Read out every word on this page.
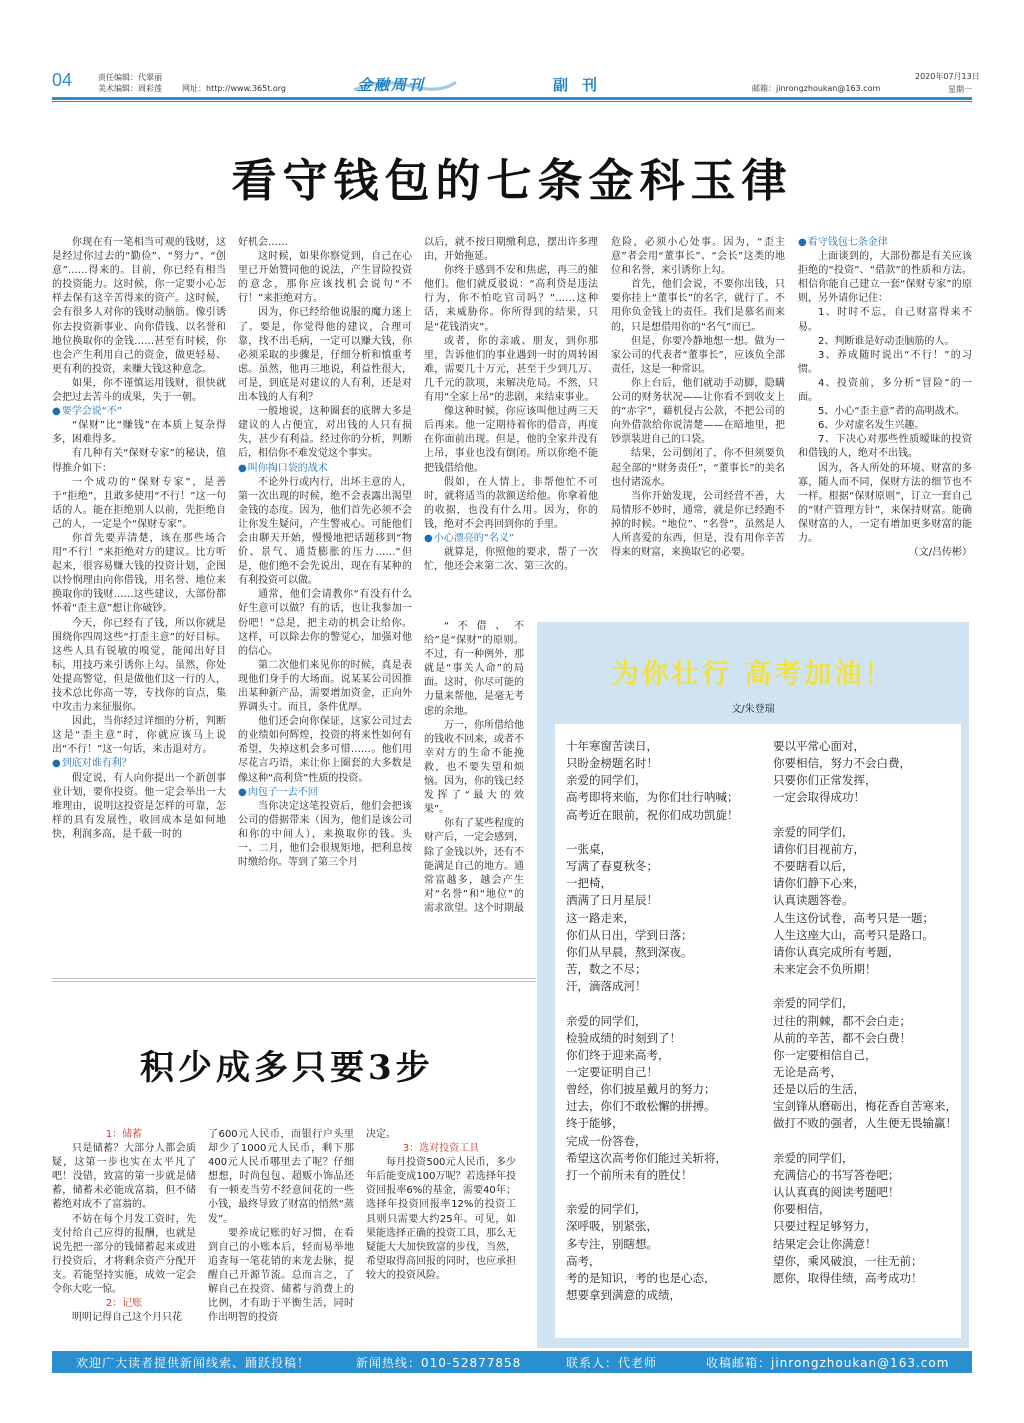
04	责任编辑：代翠丽
美术编辑：周彩莲	网址：http://www.365t.org	金融周刊	副刊	邮箱：jinrongzhoukan@163.com
2020年07月13日
星期一
看守钱包的七条金科玉律

你现在有一笔相当可观的钱财，这是经过你过去的“勤俭”、“努力”、“创意”……得来的。目前，你已经有相当的投资能力。这时候，你一定要小心怎样去保有这辛苦得来的资产。这时候，会有很多人对你的钱财动脑筋。像引诱你去投资新事业、向你借钱、以名誉和地位换取你的金钱……甚至有时候，你也会产生利用自己的资金，做更轻易、更有利的投资，来赚大钱这种意念。

如果，你不谨慎运用钱财，很快就会把过去苦斗的成果，失于一朝。

● 要学会说“不”

“保财”比“赚钱”在本质上复杂得多，困难得多。

有几种有关“保财专家”的秘诀，值得推介如下：

一个成功的“保财专家”，是善于“拒绝”，且敢多使用“不行！”这一句话的人。能在拒绝别人以前，先拒绝自己的人，一定是个“保财专家”。

你首先要弄清楚，该在那些场合用“不行！”来拒绝对方的建议。比方听起来，很容易赚大钱的投资计划，企图以怜悯理由向你借钱，用名誉、地位来换取你的钱财……这些建议，大部份都怀着“歪主意”想让你破钞。

今天，你已经有了钱，所以你就是围绕你四周这些“打歪主意”的好目标。这些人具有锐敏的嗅觉，能闻出好目标，用技巧来引诱你上勾。虽然，你处处提高警觉，但是做他们这一行的人，技术总比你高一等，专找你的盲点，集中攻击力来征服你。

因此，当你经过详细的分析，判断这是“歪主意”时，你就应该马上说出“不行！”这一句话，来击退对方。

● 到底对谁有利？

假定说，有人向你提出一个新创事业计划，要你投资。他一定会举出一大堆理由，说明这投资是怎样的可靠，怎样的具有发展性，收回成本是如何地快，利润多高，是千载一时的

好机会……

这时候，如果你察觉到，自己在心里已开始赞同他的说法，产生冒险投资的意念，那你应该找机会说句“不行！”来拒绝对方。

因为，你已经给他说服的魔力迷上了。要是，你觉得他的建议，合理可靠，找不出毛病，一定可以赚大钱，你必须采取的步骤是，仔细分析和慎重考虑。虽然，他再三地说，利益性很大，可是，到底是对建议的人有利，还是对出本钱的人有利？

一般地说，这种圈套的底牌大多是建议的人占便宜，对出钱的人只有损失，甚少有利益。经过你的分析，判断后，相信你不难发觉这个事实。

● 叫你掏口袋的战术

不论外行或内行，出坏主意的人，第一次出现的时候，绝不会表露出渴望金钱的态度。因为，他们首先必须不会让你发生疑问，产生警戒心。可能他们会由聊天开始，慢慢地把话题移到“物价、景气、通货膨胀的压力……”但是，他们绝不会先说出，现在有某种的有利投资可以做。

通常，他们会请教你“有没有什么好生意可以做？有的话，也让我参加一份吧！”总是，把主动的机会让给你。这样，可以除去你的警觉心，加强对他的信心。

第二次他们来见你的时候，真是表现他们身手的大场面。说某某公司因推出某种新产品，需要增加资金，正向外界调头寸。而且，条件优厚。

他们还会向你保证，这家公司过去的业绩如何辉煌，投资的将来性如何有希望，失掉这机会多可惜……。他们用尽花言巧语，来让你上圈套的大多数是像这种“高利贷”性质的投资。

● 肉包子一去不回

当你决定这笔投资后，他们会把该公司的借据带来（因为，他们是该公司和你的中间人），来换取你的钱。头一、二月，他们会很规矩地，把利息按时缴给你。等到了第三个月

以后，就不按日期缴利息，摆出许多理由，开始拖延。

你终于感到不安和焦虑，再三的催他们。他们就反驳说：“高利贷是违法行为，你不怕吃官司吗？”……这种话，来威胁你。你所得到的结果，只是“花钱消灾”。

或者，你的亲戚、朋友，到你那里，告诉他们的事业遇到一时的周转困难，需要几十万元，甚至于少到几万、几千元的款项，来解决危局。不然，只有用“全家上吊”的悲剧，来结束事业。

像这种时候，你应该叫他过两三天后再来。他一定期待着你的借音，再度在你面前出现。但是，他的全家并没有上吊，事业也没有倒闭。所以你绝不能把钱借给他。

假如，在人情上，非帮他忙不可时，就将适当的款额送给他。你拿着他的收据，也没有什么用。因为，你的钱，绝对不会再回到你的手里。

● 小心漂亮的“名义”

就算是，你照他的要求，帮了一次忙，他还会来第二次、第三次的。

“不借、不给”是“保财”的原则。不过，有一种例外，那就是“事关人命”的局面。这时，你尽可能的力量来帮他，是毫无考虑的余地。

万一，你所借给他的钱收不回来，或者不幸对方的生命不能挽救，也不要失望和烦恼。因为，你的钱已经发挥了“最大的效果”。

你有了某些程度的财产后，一定会感到，除了金钱以外，还有不能满足自己的地方。通常富越多，越会产生对“名誉”和“地位”的需求欲望。这个时期最

危险，必须小心处事。因为，“歪主意”者会用“董事长”、“会长”这类的地位和名誉，来引诱你上勾。

首先，他们会说，不要你出钱，只要你挂上“董事长”的名字，就行了。不用你负金钱上的责任。我们是慕名而来的，只是想借用你的“名气”而已。

但是，你要冷静地想一想。做为一家公司的代表者“董事长”，应该负全部责任，这是一种常识。

你上台后，他们就动手动脚，隐瞒公司的财务状况——让你看不到收支上的“赤字”，藉机侵占公款，不把公司的向外借款给你说清楚——在暗地里，把钞票装进自己的口袋。

结果，公司倒闭了，你不但须要负起全部的“财务责任”，“董事长”的美名也付诸流水。

当你开始发现，公司经营不善，大局情形不妙时，通常，就是你已经跑不掉的时候。“地位”、“名誉”，虽然是人人所喜爱的东西，但是，没有用你辛苦得来的财富，来换取它的必要。

● 看守钱包七条金律

上面谈到的，大部份都是有关应该拒绝的“投资”、“借款”的性质和方法。相信你能自己建立一套“保财专家”的原则，另外请你记住：

1、时时不忘，自己财富得来不易。

2、判断谁是好动歪脑筋的人。

3、养成随时说出“不行！”的习惯。

4、投资前，多分析“冒险”的一面。

5、小心“歪主意”者的高明战术。

6、少对虚名发生兴趣。

7、下决心对那些性质暧昧的投资和借钱的人，绝对不出钱。

因为，各人所处的环境、财富的多寡，随人而不同，保财方法的细节也不一样。根据“保财原则”，订立一套自己的“财产管理方针”，来保持财富。能确保财富的人，一定有增加更多财富的能力。

（文/吕传彬）

为你壮行 高考加油！
文/朱登瑞
十年寒窗苦读日，
只盼金榜题名时！
亲爱的同学们，
高考即将来临，为你们壮行呐喊；
高考近在眼前，祝你们成功凯旋！

一张桌，
写满了春夏秋冬；
一把椅，
洒满了日月星辰！
这一路走来，
你们从日出，学到日落；
你们从早晨，熬到深夜。
苦，数之不尽；
汗，滴落成河！

亲爱的同学们，
检验成绩的时刻到了！
你们终于迎来高考，
一定要证明自己！
曾经，你们披星戴月的努力；
过去，你们不敢松懈的拼搏。
终于能够，
完成一份答卷，
希望这次高考你们能过关斩将，
打一个前所未有的胜仗！

亲爱的同学们，
深呼吸，别紧张，
多专注，别瞎想。
高考，
考的是知识，考的也是心态，
想要拿到满意的成绩，
要以平常心面对，
你要相信，努力不会白费，
只要你们正常发挥，
一定会取得成功！

亲爱的同学们，
请你们目视前方，
不要瞎看以后，
请你们静下心来，
认真读题答卷。
人生这份试卷，高考只是一题；
人生这座大山，高考只是路口。
请你认真完成所有考题，
未来定会不负所期！

亲爱的同学们，
过往的荆棘，都不会白走；
从前的辛苦，都不会白费！
你一定要相信自己，
无论是高考，
还是以后的生活，
宝剑锋从磨砺出，梅花香自苦寒来，
做打不败的强者，人生便无畏输赢！

亲爱的同学们，
充满信心的书写答卷吧；
认认真真的阅读考题吧！
你要相信，
只要过程足够努力，
结果定会让你满意！
望你，乘风破浪，一往无前；
愿你，取得佳绩，高考成功！
积少成多只要3步

1：储蓄

只是储蓄？大部分人都会质疑，这第一步也实在太平凡了吧！没错，致富的第一步就是储蓄，储蓄未必能成富翁，但不储蓄绝对成不了富翁的。

不妨在每个月发工资时，先支付给自己应得的报酬，也就是说先把一部分的钱储蓄起来或进行投资后，才将剩余资产分配开支。若能坚持实施，成效一定会令你大吃一惊。

2：记账

明明记得自己这个月只花

了600元人民币，而银行户头里却少了1000元人民币，剩下那400元人民币哪里去了呢？仔细想想，时尚包包、超贩小饰品还有一顿麦当劳不经意间花的一些小钱，最终导致了财富的悄然“蒸发”。

要养成记账的好习惯，在看到自己的小账本后，轻而易举地追查每一笔花销的来龙去脉，提醒自己开源节流。总而言之，了解自己在投资、储蓄与消费上的比例，才有助于平衡生活，同时作出明智的投资

决定。

3：选对投资工具

每月投资500元人民币，多少年后能变成100万呢？若选择年投资回报率6%的基金，需要40年；选择年投资回报率12%的投资工具则只需要大约25年。可见，如果能选择正确的投资工具，那么无疑能大大加快致富的步伐，当然，希望取得高回报的同时，也应承担较大的投资风险。

欢迎广大读者提供新闻线索、踊跃投稿！	新闻热线：010-52877858	联系人：代老师	收稿邮箱：jinrongzhoukan@163.com
